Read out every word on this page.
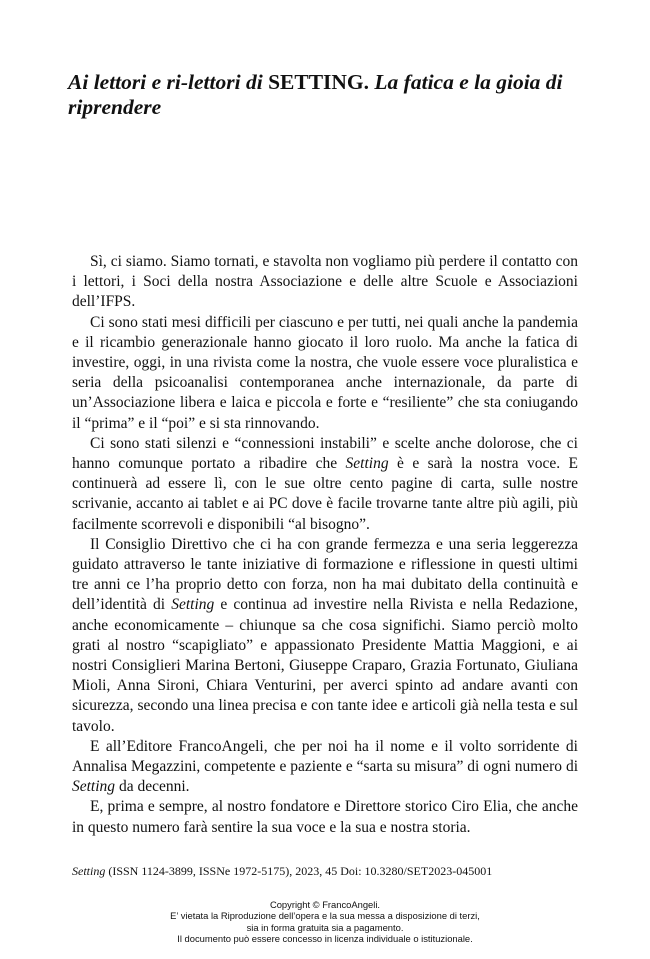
Ai lettori e ri-lettori di SETTING. La fatica e la gioia di riprendere

Sì, ci siamo. Siamo tornati, e stavolta non vogliamo più perdere il contatto con i lettori, i Soci della nostra Associazione e delle altre Scuole e Associazioni dell’IFPS.

Ci sono stati mesi difficili per ciascuno e per tutti, nei quali anche la pandemia e il ricambio generazionale hanno giocato il loro ruolo. Ma anche la fatica di investire, oggi, in una rivista come la nostra, che vuole essere voce pluralistica e seria della psicoanalisi contemporanea anche internazionale, da parte di un’Associazione libera e laica e piccola e forte e “resiliente” che sta coniugando il “prima” e il “poi” e si sta rinnovando.

Ci sono stati silenzi e “connessioni instabili” e scelte anche dolorose, che ci hanno comunque portato a ribadire che Setting è e sarà la nostra voce. E continuerà ad essere lì, con le sue oltre cento pagine di carta, sulle nostre scrivanie, accanto ai tablet e ai PC dove è facile trovarne tante altre più agili, più facilmente scorrevoli e disponibili “al bisogno”.

Il Consiglio Direttivo che ci ha con grande fermezza e una seria leggerezza guidato attraverso le tante iniziative di formazione e riflessione in questi ultimi tre anni ce l’ha proprio detto con forza, non ha mai dubitato della continuità e dell’identità di Setting e continua ad investire nella Rivista e nella Redazione, anche economicamente – chiunque sa che cosa significhi. Siamo perciò molto grati al nostro “scapigliato” e appassionato Presidente Mattia Maggioni, e ai nostri Consiglieri Marina Bertoni, Giuseppe Craparo, Grazia Fortunato, Giuliana Mioli, Anna Sironi, Chiara Venturini, per averci spinto ad andare avanti con sicurezza, secondo una linea precisa e con tante idee e articoli già nella testa e sul tavolo.

E all’Editore FrancoAngeli, che per noi ha il nome e il volto sorridente di Annalisa Megazzini, competente e paziente e “sarta su misura” di ogni numero di Setting da decenni.

E, prima e sempre, al nostro fondatore e Direttore storico Ciro Elia, che anche in questo numero farà sentire la sua voce e la sua e nostra storia.

Setting (ISSN 1124-3899, ISSNe 1972-5175), 2023, 45 Doi: 10.3280/SET2023-045001
Copyright © FrancoAngeli.
E’ vietata la Riproduzione dell’opera e la sua messa a disposizione di terzi,
sia in forma gratuita sia a pagamento.
Il documento può essere concesso in licenza individuale o istituzionale.
